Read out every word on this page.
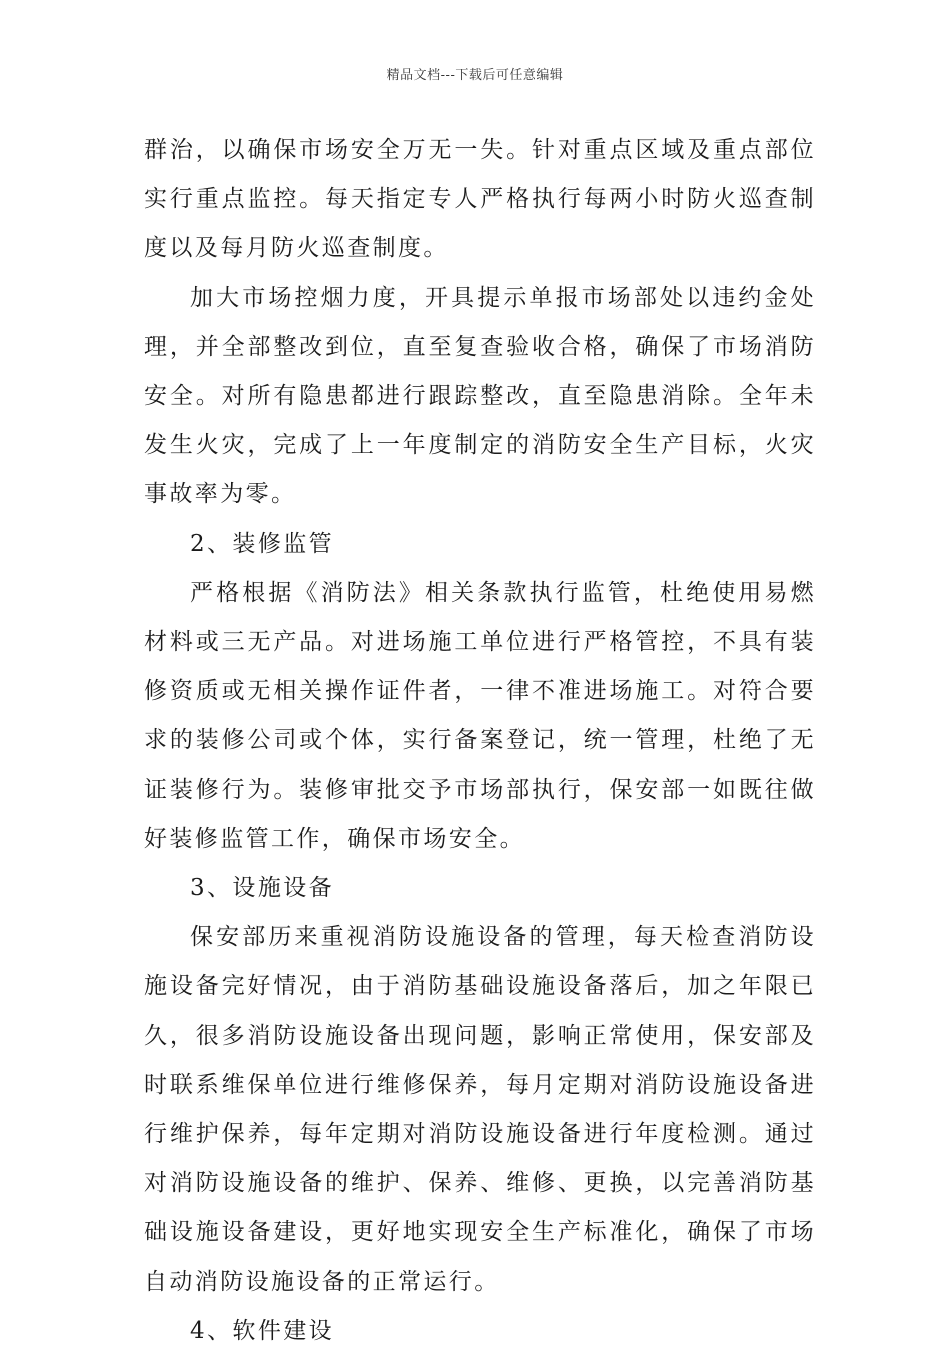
精品文档---下载后可任意编辑

群治，以确保市场安全万无一失。针对重点区域及重点部位实行重点监控。每天指定专人严格执行每两小时防火巡查制度以及每月防火巡查制度。

加大市场控烟力度，开具提示单报市场部处以违约金处理，并全部整改到位，直至复查验收合格，确保了市场消防安全。对所有隐患都进行跟踪整改，直至隐患消除。全年未发生火灾，完成了上一年度制定的消防安全生产目标，火灾事故率为零。

2、装修监管

严格根据《消防法》相关条款执行监管，杜绝使用易燃材料或三无产品。对进场施工单位进行严格管控，不具有装修资质或无相关操作证件者，一律不准进场施工。对符合要求的装修公司或个体，实行备案登记，统一管理，杜绝了无证装修行为。装修审批交予市场部执行，保安部一如既往做好装修监管工作，确保市场安全。

3、设施设备

保安部历来重视消防设施设备的管理，每天检查消防设施设备完好情况，由于消防基础设施设备落后，加之年限已久，很多消防设施设备出现问题，影响正常使用，保安部及时联系维保单位进行维修保养，每月定期对消防设施设备进行维护保养，每年定期对消防设施设备进行年度检测。通过对消防设施设备的维护、保养、维修、更换，以完善消防基础设施设备建设，更好地实现安全生产标准化，确保了市场自动消防设施设备的正常运行。

4、软件建设
